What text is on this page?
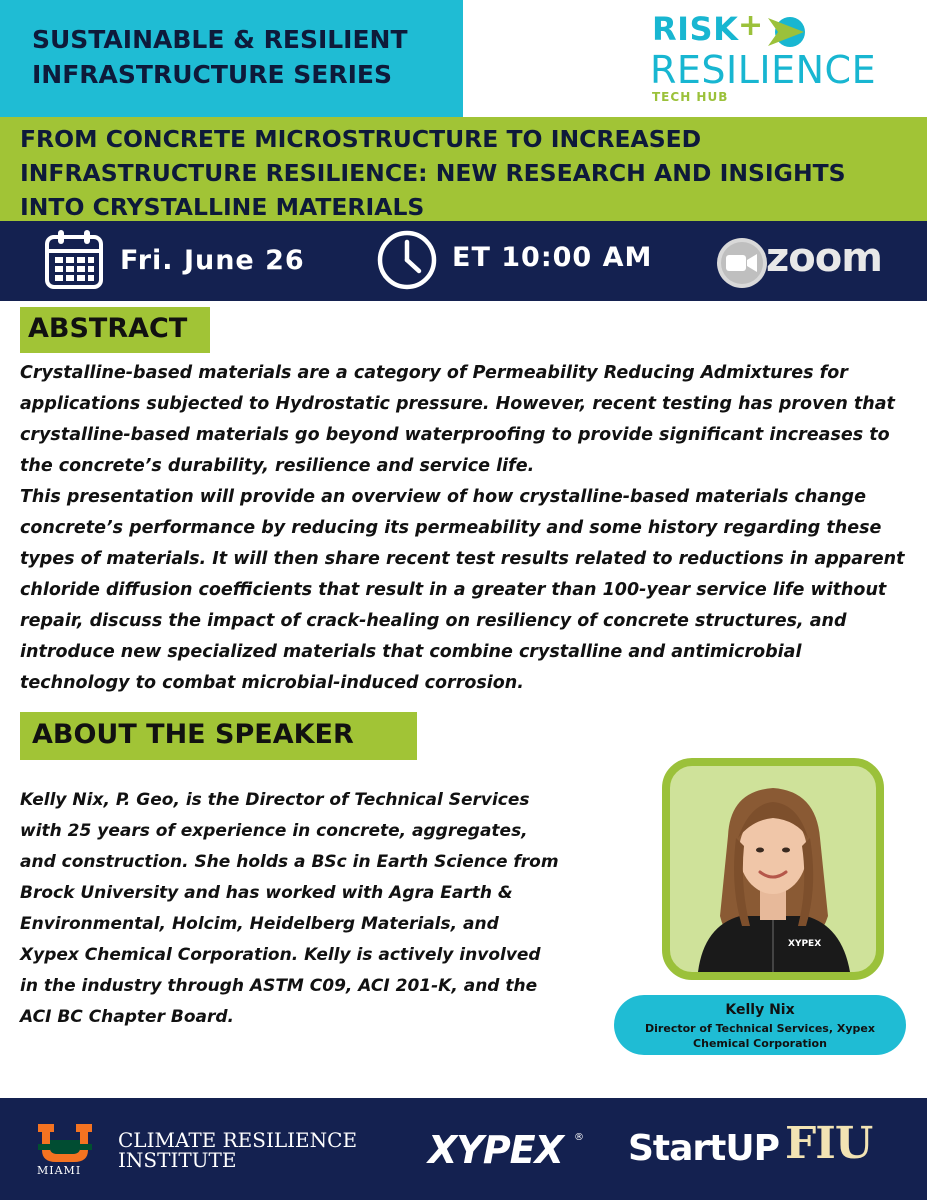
SUSTAINABLE & RESILIENT INFRASTRUCTURE SERIES
RISK +
RESILIENCE
TECH HUB
FROM CONCRETE MICROSTRUCTURE TO INCREASED INFRASTRUCTURE RESILIENCE: NEW RESEARCH AND INSIGHTS INTO CRYSTALLINE MATERIALS
Fri. June 26	ET 10:00 AM	zoom
ABSTRACT

Crystalline-based materials are a category of Permeability Reducing Admixtures for applications subjected to Hydrostatic pressure. However, recent testing has proven that crystalline-based materials go beyond waterproofing to provide significant increases to the concrete’s durability, resilience and service life.

This presentation will provide an overview of how crystalline-based materials change concrete’s performance by reducing its permeability and some history regarding these types of materials. It will then share recent test results related to reductions in apparent chloride diffusion coefficients that result in a greater than 100-year service life without repair, discuss the impact of crack-healing on resiliency of concrete structures, and introduce new specialized materials that combine crystalline and antimicrobial technology to combat microbial-induced corrosion.

ABOUT THE SPEAKER
Kelly Nix, P. Geo, is the Director of Technical Services with 25 years of experience in concrete, aggregates, and construction. She holds a BSc in Earth Science from Brock University and has worked with Agra Earth & Environmental, Holcim, Heidelberg Materials, and Xypex Chemical Corporation. Kelly is actively involved in the industry through ASTM C09, ACI 201-K, and the ACI BC Chapter Board.
XYPEX
Kelly Nix
Director of Technical Services, Xypex Chemical Corporation
MIAMI
CLIMATE RESILIENCE
INSTITUTE	XYPEX ® StartUP FIU
